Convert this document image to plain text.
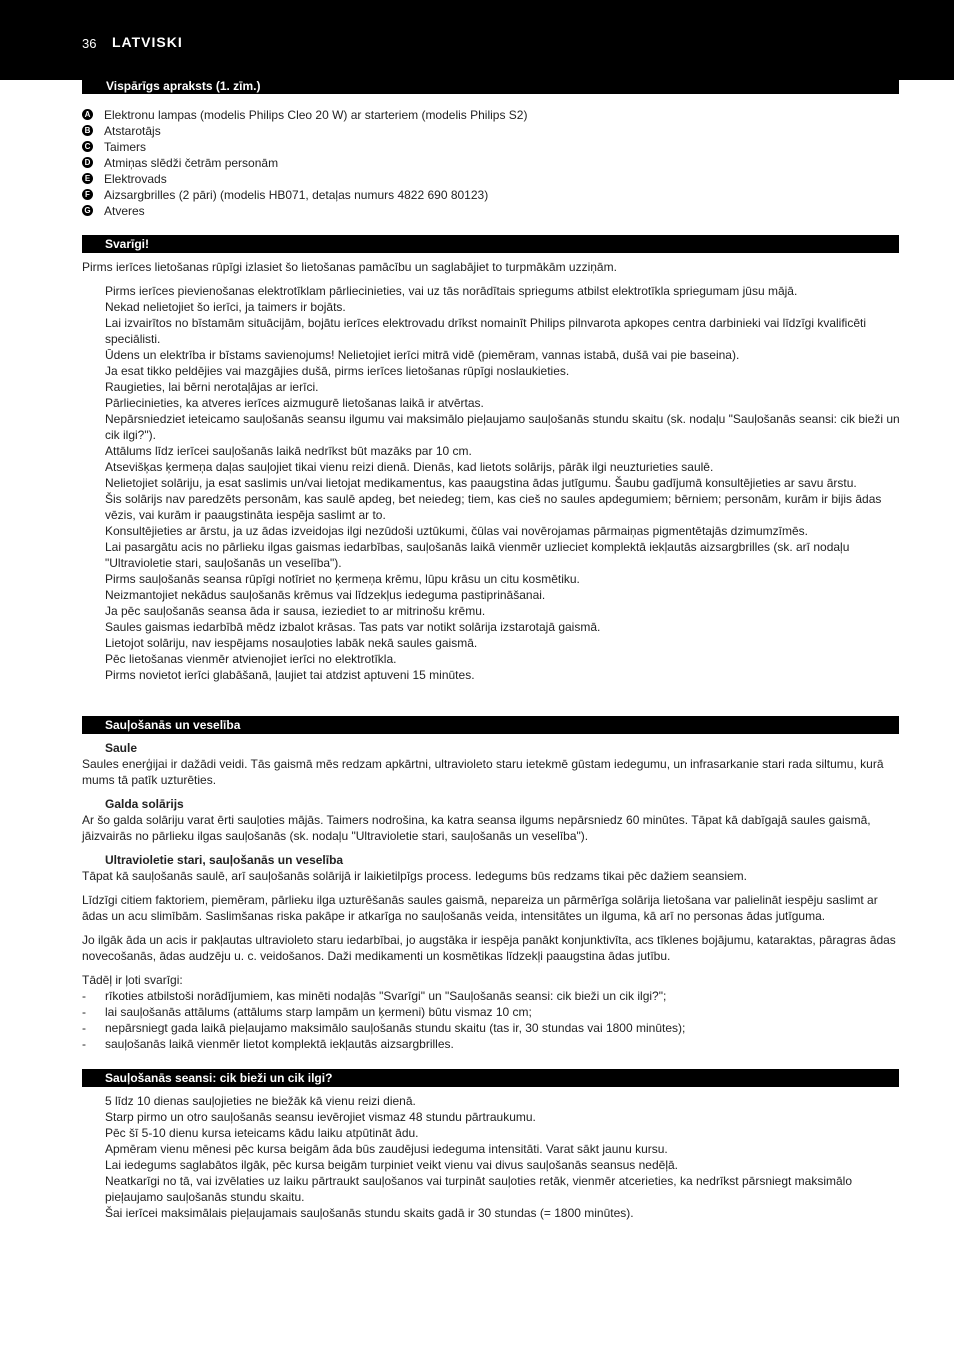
36 LATVISKI
Vispārīgs apraksts (1. zīm.)
A Elektronu lampas (modelis Philips Cleo 20 W) ar starteriem (modelis Philips S2)
B Atstarotājs
C Taimers
D Atmiņas slēdži četrām personām
E Elektrovads
F Aizsargbrilles (2 pāri) (modelis HB071, detaļas numurs 4822 690 80123)
G Atveres
Svarīgi!
Pirms ierīces lietošanas rūpīgi izlasiet šo lietošanas pamācību un saglabājiet to turpmākām uzziņām.

Pirms ierīces pievienošanas elektrotīklam pārliecinieties, vai uz tās norādītais spriegums atbilst elektrotīkla spriegumam jūsu mājā.

Nekad nelietojiet šo ierīci, ja taimers ir bojāts.

Lai izvairītos no bīstamām situācijām, bojātu ierīces elektrovadu drīkst nomainīt Philips pilnvarota apkopes centra darbinieki vai līdzīgi kvalificēti speciālisti.

Ūdens un elektrība ir bīstams savienojums! Nelietojiet ierīci mitrā vidē (piemēram, vannas istabā, dušā vai pie baseina).

Ja esat tikko peldējies vai mazgājies dušā, pirms ierīces lietošanas rūpīgi noslaukieties.

Raugieties, lai bērni nerotaļājas ar ierīci.

Pārliecinieties, ka atveres ierīces aizmugurē lietošanas laikā ir atvērtas.

Nepārsniedziet ieteicamo sauļošanās seansu ilgumu vai maksimālo pieļaujamo sauļošanās stundu skaitu (sk. nodaļu "Sauļošanās seansi: cik bieži un cik ilgi?").

Attālums līdz ierīcei sauļošanās laikā nedrīkst būt mazāks par 10 cm.

Atsevišķas ķermeņa daļas sauļojiet tikai vienu reizi dienā. Dienās, kad lietots solārijs, pārāk ilgi neuzturieties saulē.

Nelietojiet solāriju, ja esat saslimis un/vai lietojat medikamentus, kas paaugstina ādas jutīgumu. Šaubu gadījumā konsultējieties ar savu ārstu.

Šis solārijs nav paredzēts personām, kas saulē apdeg, bet neiedeg; tiem, kas cieš no saules apdegumiem; bērniem; personām, kurām ir bijis ādas vēzis, vai kurām ir paaugstināta iespēja saslimt ar to.

Konsultējieties ar ārstu, ja uz ādas izveidojas ilgi nezūdoši uztūkumi, čūlas vai novērojamas pārmaiņas pigmentētajās dzimumzīmēs.

Lai pasargātu acis no pārlieku ilgas gaismas iedarbības, sauļošanās laikā vienmēr uzlieciet komplektā iekļautās aizsargbrilles (sk. arī nodaļu "Ultravioletie stari, sauļošanās un veselība").

Pirms sauļošanās seansa rūpīgi notīriet no ķermeņa krēmu, lūpu krāsu un citu kosmētiku.

Neizmantojiet nekādus sauļošanās krēmus vai līdzekļus iedeguma pastiprināšanai.

Ja pēc sauļošanās seansa āda ir sausa, ieziediet to ar mitrinošu krēmu.

Saules gaismas iedarbībā mēdz izbalot krāsas. Tas pats var notikt solārija izstarotajā gaismā.

Lietojot solāriju, nav iespējams nosauļoties labāk nekā saules gaismā.

Pēc lietošanas vienmēr atvienojiet ierīci no elektrotīkla.

Pirms novietot ierīci glabāšanā, ļaujiet tai atdzist aptuveni 15 minūtes.

Sauļošanās un veselība
Saule

Saules enerģijai ir dažādi veidi. Tās gaismā mēs redzam apkārtni, ultravioleto staru ietekmē gūstam iedegumu, un infrasarkanie stari rada siltumu, kurā mums tā patīk uzturēties.

Galda solārijs

Ar šo galda solāriju varat ērti sauļoties mājās. Taimers nodrošina, ka katra seansa ilgums nepārsniedz 60 minūtes. Tāpat kā dabīgajā saules gaismā, jāizvairās no pārlieku ilgas sauļošanās (sk. nodaļu "Ultravioletie stari, sauļošanās un veselība").

Ultravioletie stari, sauļošanās un veselība

Tāpat kā sauļošanās saulē, arī sauļošanās solārijā ir laikietilpīgs process. Iedegums būs redzams tikai pēc dažiem seansiem.

Līdzīgi citiem faktoriem, piemēram, pārlieku ilga uzturēšanās saules gaismā, nepareiza un pārmērīga solārija lietošana var palielināt iespēju saslimt ar ādas un acu slimībām. Saslimšanas riska pakāpe ir atkarīga no sauļošanās veida, intensitātes un ilguma, kā arī no personas ādas jutīguma.

Jo ilgāk āda un acis ir pakļautas ultravioleto staru iedarbībai, jo augstāka ir iespēja panākt konjunktivīta, acs tīklenes bojājumu, kataraktas, pāragras ādas novecošanās, ādas audzēju u. c. veidošanos. Daži medikamenti un kosmētikas līdzekļi paaugstina ādas jutību.

Tādēļ ir ļoti svarīgi:

-	rīkoties atbilstoši norādījumiem, kas minēti nodaļās "Svarīgi" un "Sauļošanās seansi: cik bieži un cik ilgi?";
-	lai sauļošanās attālums (attālums starp lampām un ķermeni) būtu vismaz 10 cm;
-	nepārsniegt gada laikā pieļaujamo maksimālo sauļošanās stundu skaitu (tas ir, 30 stundas vai 1800 minūtes);
-	sauļošanās laikā vienmēr lietot komplektā iekļautās aizsargbrilles.
Sauļošanās seansi: cik bieži un cik ilgi?

5 līdz 10 dienas sauļojieties ne biežāk kā vienu reizi dienā.

Starp pirmo un otro sauļošanās seansu ievērojiet vismaz 48 stundu pārtraukumu.

Pēc šī 5-10 dienu kursa ieteicams kādu laiku atpūtināt ādu.

Apmēram vienu mēnesi pēc kursa beigām āda būs zaudējusi iedeguma intensitāti. Varat sākt jaunu kursu.

Lai iedegums saglabātos ilgāk, pēc kursa beigām turpiniet veikt vienu vai divus sauļošanās seansus nedēļā.

Neatkarīgi no tā, vai izvēlaties uz laiku pārtraukt sauļošanos vai turpināt sauļoties retāk, vienmēr atcerieties, ka nedrīkst pārsniegt maksimālo pieļaujamo sauļošanās stundu skaitu.

Šai ierīcei maksimālais pieļaujamais sauļošanās stundu skaits gadā ir 30 stundas (= 1800 minūtes).
